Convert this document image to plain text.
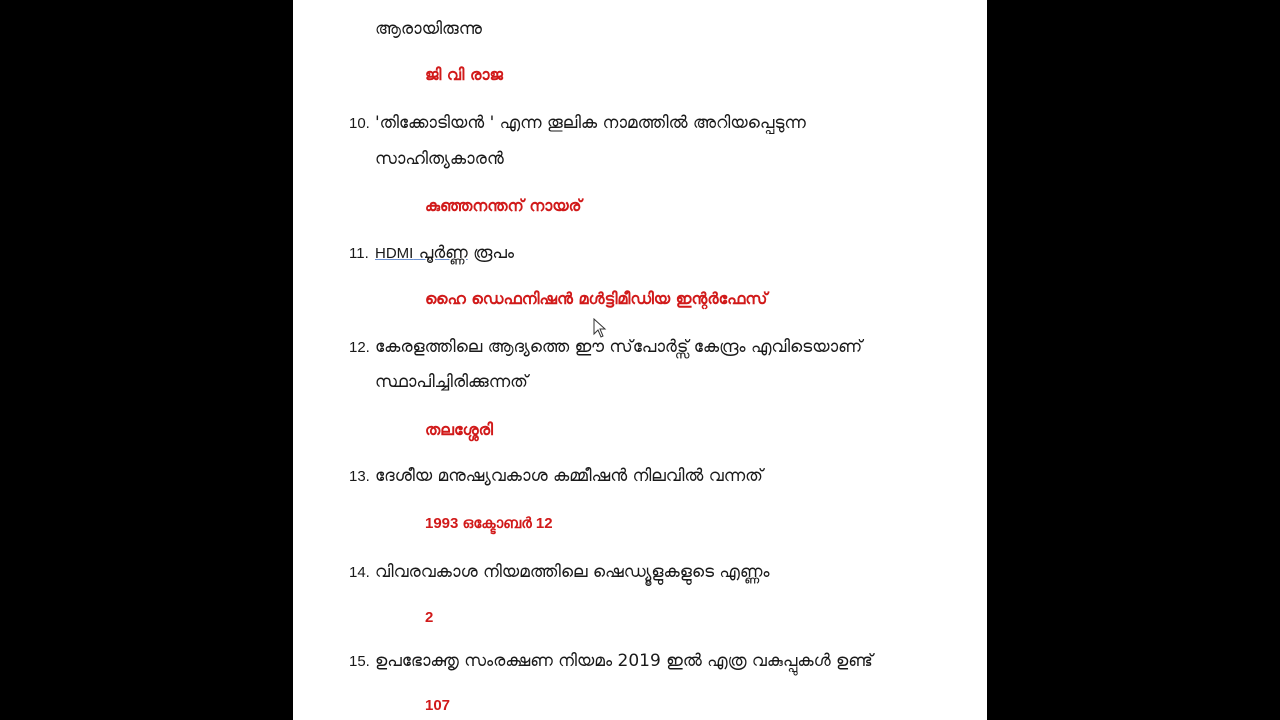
ആരായിരുന്നു
ജി വി രാജ
10. 'തിക്കോടിയൻ ' എന്ന തൂലിക നാമത്തിൽ അറിയപ്പെടുന്ന
സാഹിത്യകാരൻ
കുഞ്ഞനന്തന് നായര്
11. HDMI പൂർണ്ണ രൂപം
ഹൈ ഡെഫനിഷൻ മൾട്ടിമീഡിയ ഇന്റർഫേസ്
12. കേരളത്തിലെ ആദ്യത്തെ ഈ സ്‌പോർട്സ് കേന്ദ്രം എവിടെയാണ്
സ്ഥാപിച്ചിരിക്കുന്നത്
തലശ്ശേരി
13. ദേശീയ മനുഷ്യവകാശ കമ്മീഷൻ നിലവിൽ വന്നത്
1993 ഒക്ടോബർ 12
14. വിവരവകാശ നിയമത്തിലെ ഷെഡ്യൂളുകളുടെ എണ്ണം
2
15. ഉപഭോക്തൃ സംരക്ഷണ നിയമം 2019 ഇൽ എത്ര വകുപ്പുകൾ ഉണ്ട്
107
